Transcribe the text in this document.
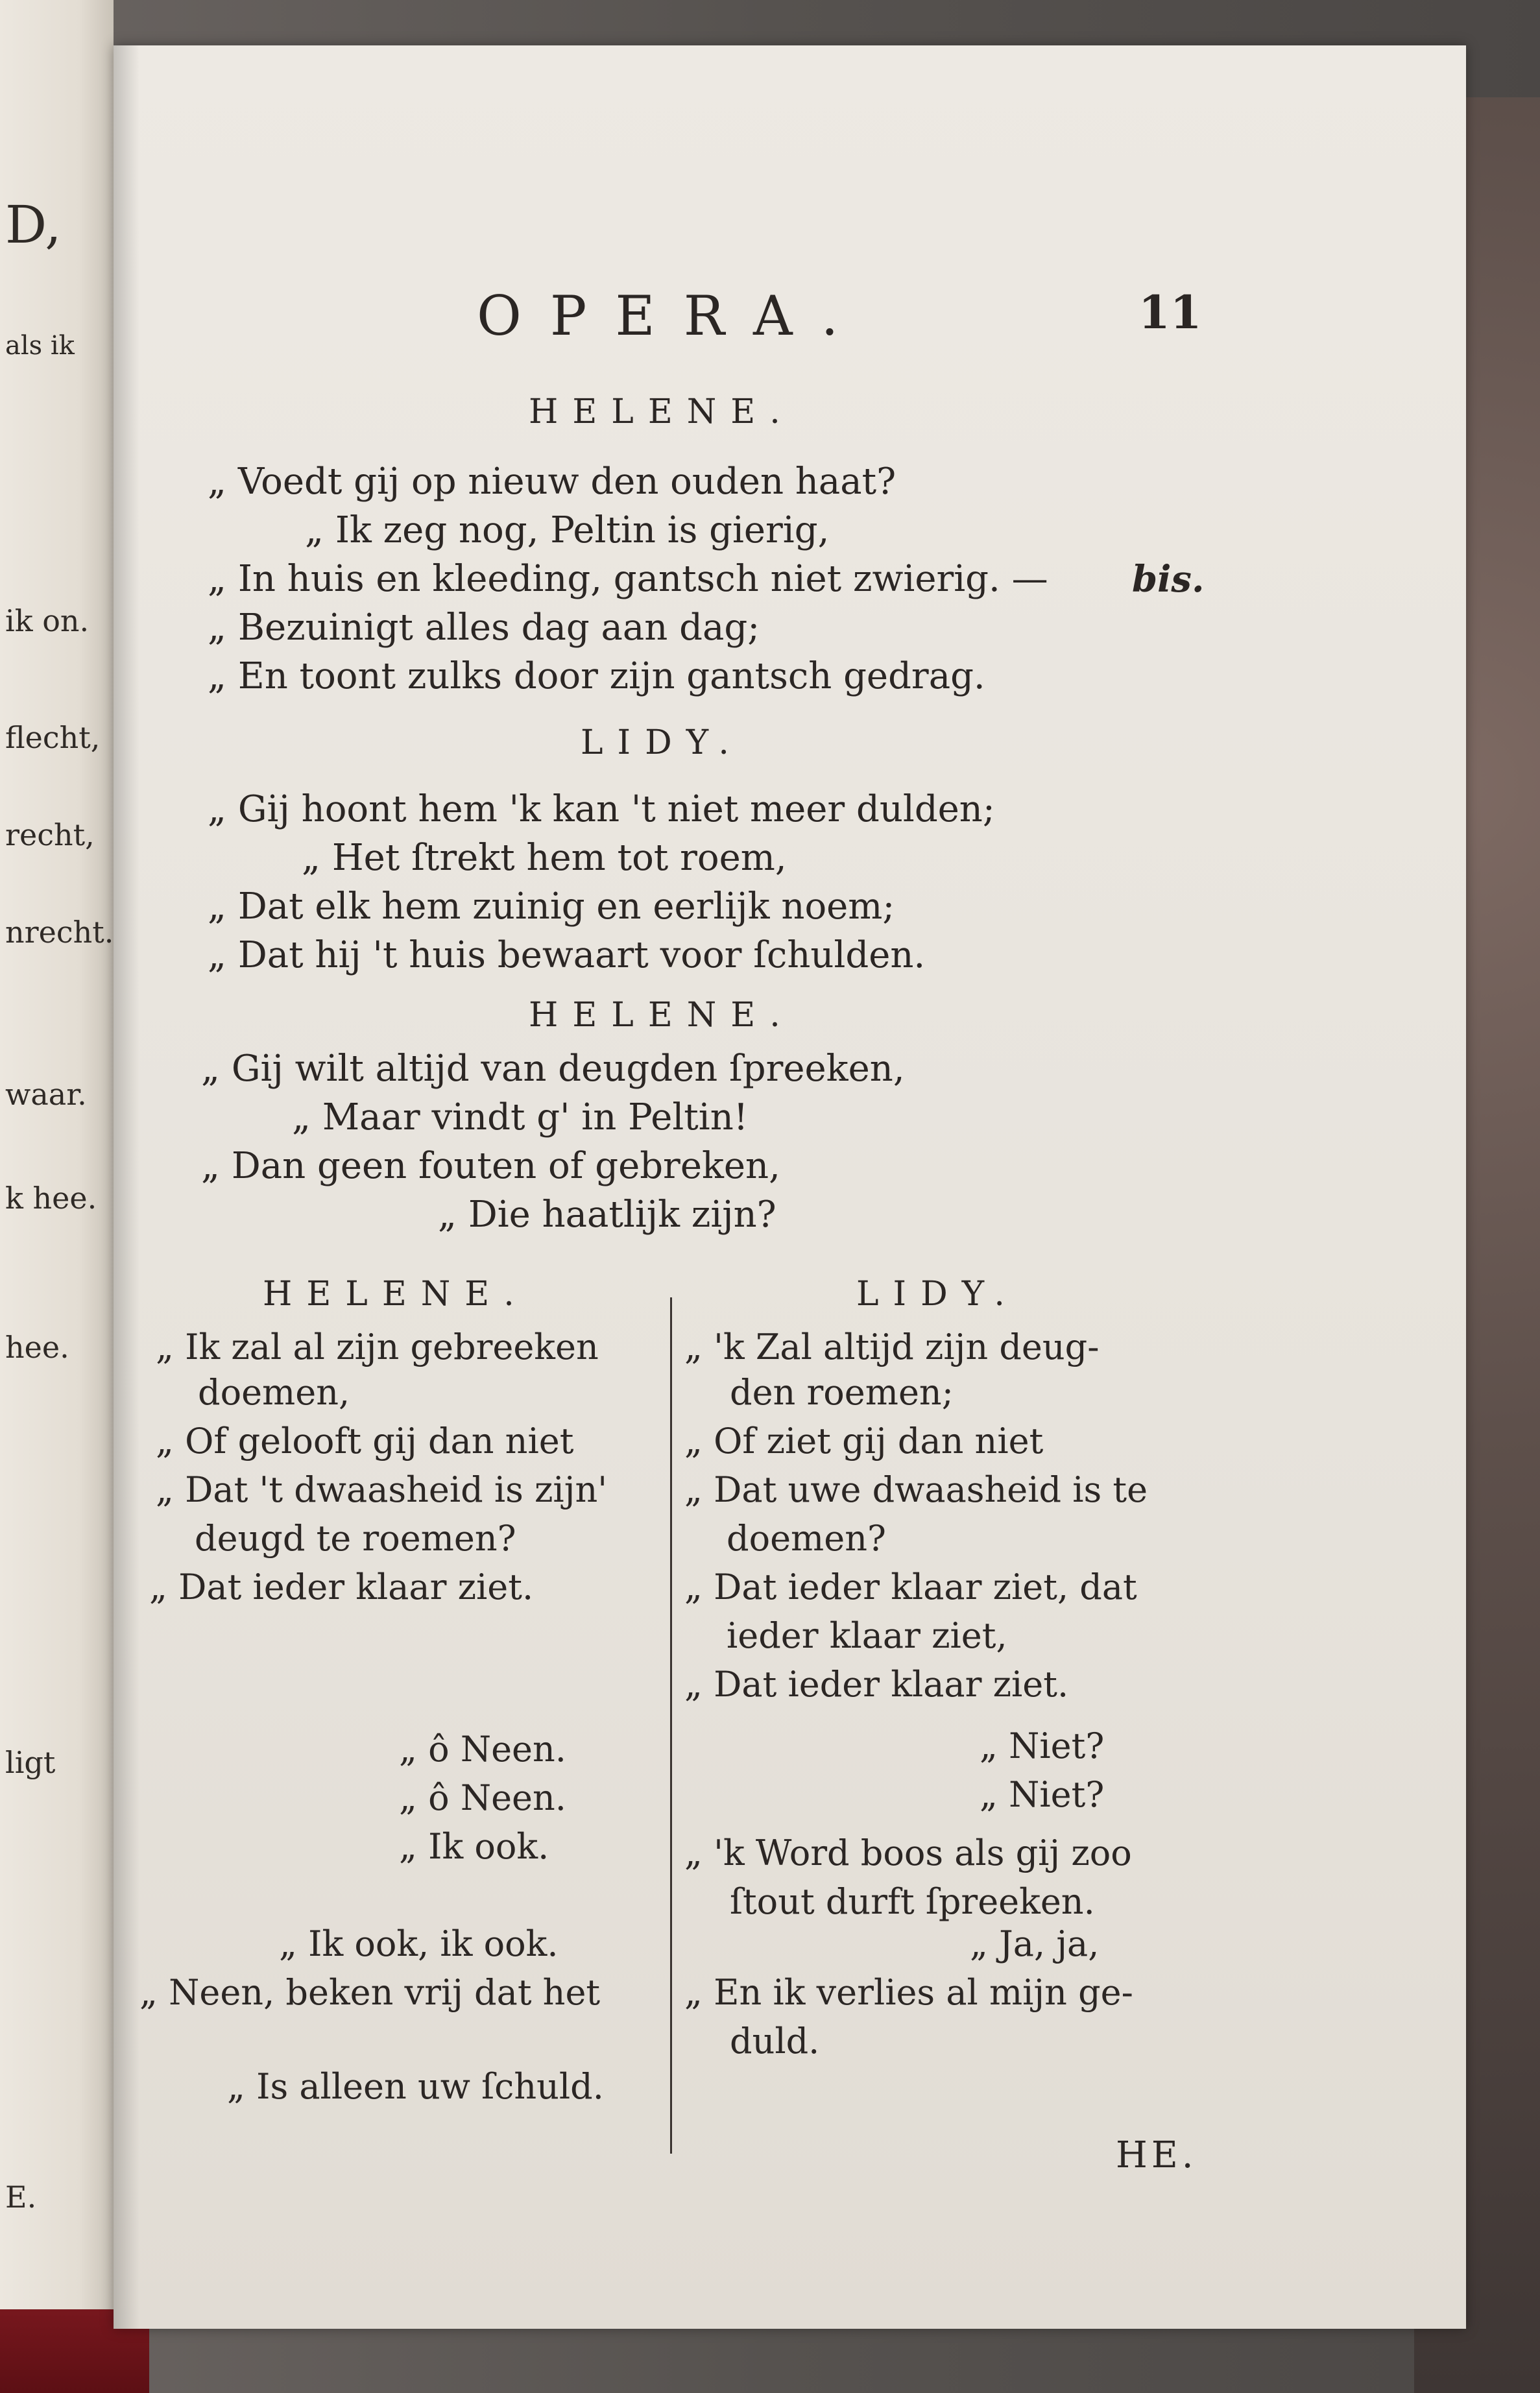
D,
als ik
ik on.
flecht,
recht,
nrecht.
waar.
k hee.
hee.
ligt
E.
OPERA.	11
HELENE.
„ Voedt gij op nieuw den ouden haat?
„ Ik zeg nog, Peltin is gierig,
„ In huis en kleeding, gantsch niet zwierig. — bis.
„ Bezuinigt alles dag aan dag;
„ En toont zulks door zijn gantsch gedrag.
LIDY.
„ Gij hoont hem 'k kan 't niet meer dulden;
„ Het ſtrekt hem tot roem,
„ Dat elk hem zuinig en eerlijk noem;
„ Dat hij 't huis bewaart voor ſchulden.
HELENE.
„ Gij wilt altijd van deugden ſpreeken,
„ Maar vindt g' in Peltin!
„ Dan geen fouten of gebreken,
„ Die haatlijk zijn?
HELENE.
„ Ik zal al zijn gebreeken
doemen,
„ Of gelooft gij dan niet
„ Dat 't dwaasheid is zijn'
deugd te roemen?
„ Dat ieder klaar ziet.
„ ô Neen.
„ ô Neen.
„ Ik ook.
„ Ik ook, ik ook.
„ Neen, beken vrij dat het
„ Is alleen uw ſchuld.
LIDY.
„ 'k Zal altijd zijn deug-
den roemen;
„ Of ziet gij dan niet
„ Dat uwe dwaasheid is te
doemen?
„ Dat ieder klaar ziet, dat
ieder klaar ziet,
„ Dat ieder klaar ziet.
„ Niet?
„ Niet?
„ 'k Word boos als gij zoo
ſtout durft ſpreeken.
„ Ja, ja,
„ En ik verlies al mijn ge-
duld.
HE.
